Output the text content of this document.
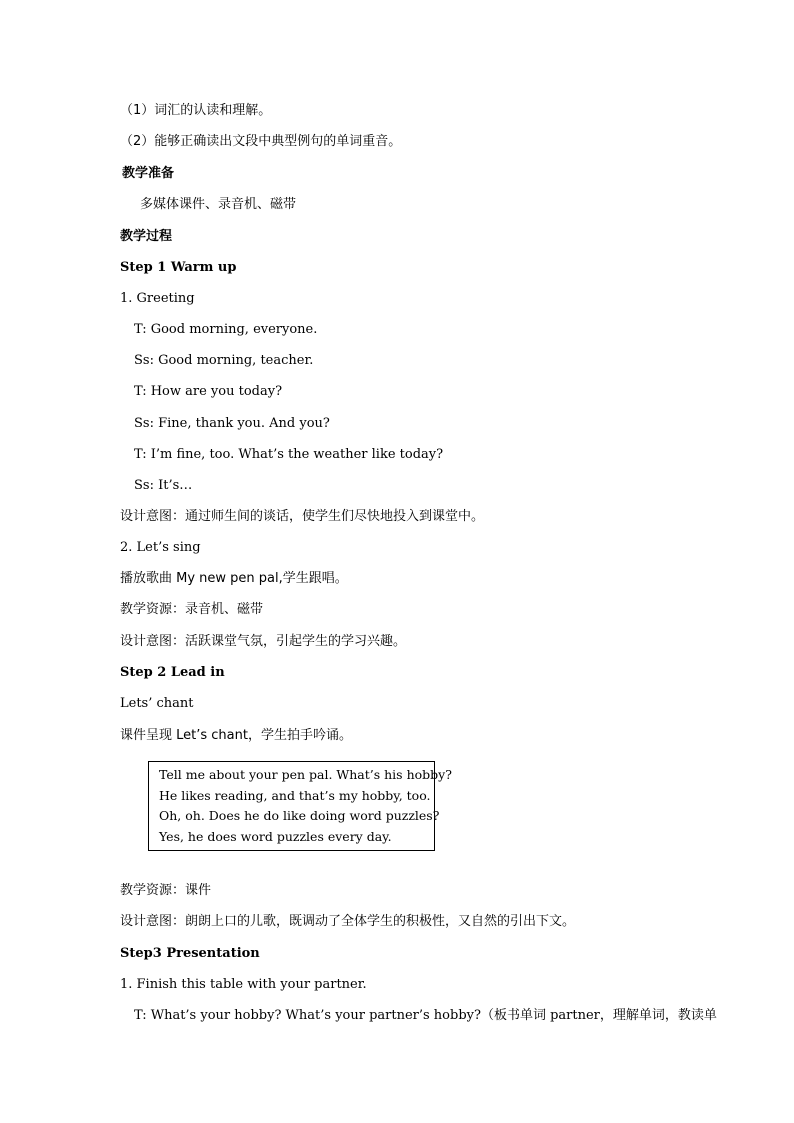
（1）词汇的认读和理解。
（2）能够正确读出文段中典型例句的单词重音。
教学准备
多媒体课件、录音机、磁带
教学过程
Step 1 Warm up
1. Greeting
T: Good morning, everyone.
Ss: Good morning, teacher.
T: How are you today?
Ss: Fine, thank you. And you?
T: I’m fine, too. What’s the weather like today?
Ss: It’s…
设计意图：通过师生间的谈话，使学生们尽快地投入到课堂中。
2. Let’s sing
播放歌曲 My new pen pal,学生跟唱。
教学资源：录音机、磁带
设计意图：活跃课堂气氛，引起学生的学习兴趣。
Step 2 Lead in
Lets’ chant
课件呈现 Let’s chant，学生拍手吟诵。
Tell me about your pen pal. What’s his hobby?
He likes reading, and that’s my hobby, too.
Oh, oh. Does he do like doing word puzzles?
Yes, he does word puzzles every day.
教学资源：课件
设计意图：朗朗上口的儿歌，既调动了全体学生的积极性，又自然的引出下文。
Step3 Presentation
1. Finish this table with your partner.
T: What’s your hobby? What’s your partner’s hobby?（板书单词 partner，理解单词，教读单
